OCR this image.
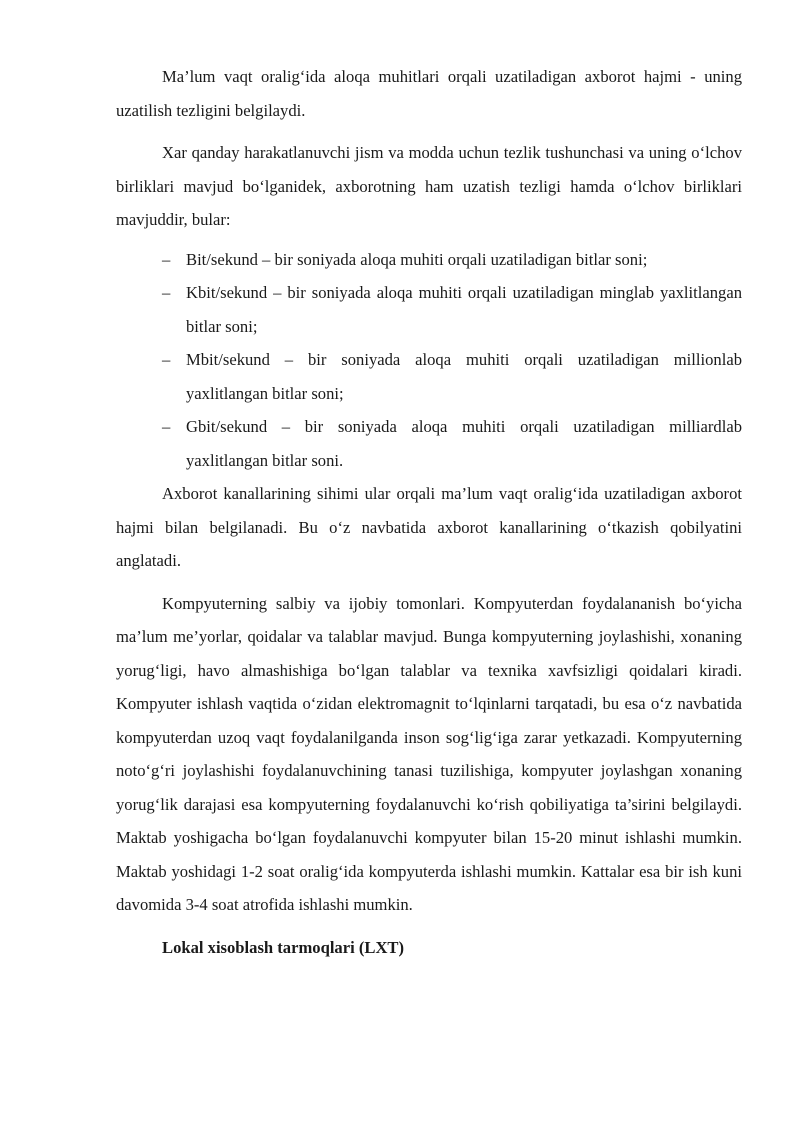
Ma’lum vaqt oralig‘ida aloqa muhitlari orqali uzatiladigan axborot hajmi - uning uzatilish tezligini belgilaydi.

Xar qanday harakatlanuvchi jism va modda uchun tezlik tushunchasi va uning o‘lchov birliklari mavjud bo‘lganidek, axborotning ham uzatish tezligi hamda o‘lchov birliklari mavjuddir, bular:

– Bit/sekund – bir soniyada aloqa muhiti orqali uzatiladigan bitlar soni;
– Kbit/sekund – bir soniyada aloqa muhiti orqali uzatiladigan minglab yaxlitlangan bitlar soni;
– Mbit/sekund – bir soniyada aloqa muhiti orqali uzatiladigan millionlab yaxlitlangan bitlar soni;
– Gbit/sekund – bir soniyada aloqa muhiti orqali uzatiladigan milliardlab yaxlitlangan bitlar soni.

Axborot kanallarining sihimi ular orqali ma’lum vaqt oralig‘ida uzatiladigan axborot hajmi bilan belgilanadi. Bu o‘z navbatida axborot kanallarining o‘tkazish qobilyatini anglatadi.

Kompyuterning salbiy va ijobiy tomonlari. Kompyuterdan foydalananish bo‘yicha ma’lum me’yorlar, qoidalar va talablar mavjud. Bunga kompyuterning joylashishi, xonaning yorug‘ligi, havo almashishiga bo‘lgan talablar va texnika xavfsizligi qoidalari kiradi. Kompyuter ishlash vaqtida o‘zidan elektromagnit to‘lqinlarni tarqatadi, bu esa o‘z navbatida kompyuterdan uzoq vaqt foydalanilganda inson sog‘lig‘iga zarar yetkazadi. Kompyuterning noto‘g‘ri joylashishi foydalanuvchining tanasi tuzilishiga, kompyuter joylashgan xonaning yorug‘lik darajasi esa kompyuterning foydalanuvchi ko‘rish qobiliyatiga ta’sirini belgilaydi. Maktab yoshigacha bo‘lgan foydalanuvchi kompyuter bilan 15-20 minut ishlashi mumkin. Maktab yoshidagi 1-2 soat oralig‘ida kompyuterda ishlashi mumkin. Kattalar esa bir ish kuni davomida 3-4 soat atrofida ishlashi mumkin.

Lokal xisoblash tarmoqlari (LXT)
